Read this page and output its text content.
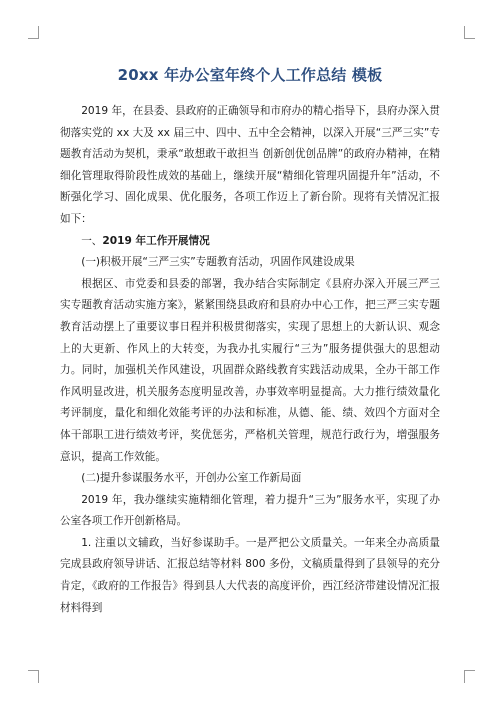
20xx 年办公室年终个人工作总结 模板

2019 年，在县委、县政府的正确领导和市府办的精心指导下，县府办深入贯彻落实党的 xx 大及 xx 届三中、四中、五中全会精神，以深入开展“三严三实”专题教育活动为契机，秉承“敢想敢干敢担当 创新创优创品牌”的政府办精神，在精细化管理取得阶段性成效的基础上，继续开展“精细化管理巩固提升年”活动，不断强化学习、固化成果、优化服务，各项工作迈上了新台阶。现将有关情况汇报如下：

一、2019 年工作开展情况

(一)积极开展“三严三实”专题教育活动，巩固作风建设成果

根据区、市党委和县委的部署，我办结合实际制定《县府办深入开展三严三实专题教育活动实施方案》，紧紧围绕县政府和县府办中心工作，把三严三实专题教育活动摆上了重要议事日程并积极贯彻落实，实现了思想上的大新认识、观念上的大更新、作风上的大转变，为我办扎实履行“三为”服务提供强大的思想动力。同时，加强机关作风建设，巩固群众路线教育实践活动成果，全办干部工作作风明显改进，机关服务态度明显改善，办事效率明显提高。大力推行绩效量化考评制度，量化和细化效能考评的办法和标准，从德、能、绩、效四个方面对全体干部职工进行绩效考评，奖优惩劣，严格机关管理，规范行政行为，增强服务意识，提高工作效能。

(二)提升参谋服务水平，开创办公室工作新局面

2019 年，我办继续实施精细化管理，着力提升“三为”服务水平，实现了办公室各项工作开创新格局。

1. 注重以文辅政，当好参谋助手。一是严把公文质量关。一年来全办高质量完成县政府领导讲话、汇报总结等材料 800 多份，文稿质量得到了县领导的充分肯定，《政府的工作报告》得到县人大代表的高度评价，西江经济带建设情况汇报材料得到
